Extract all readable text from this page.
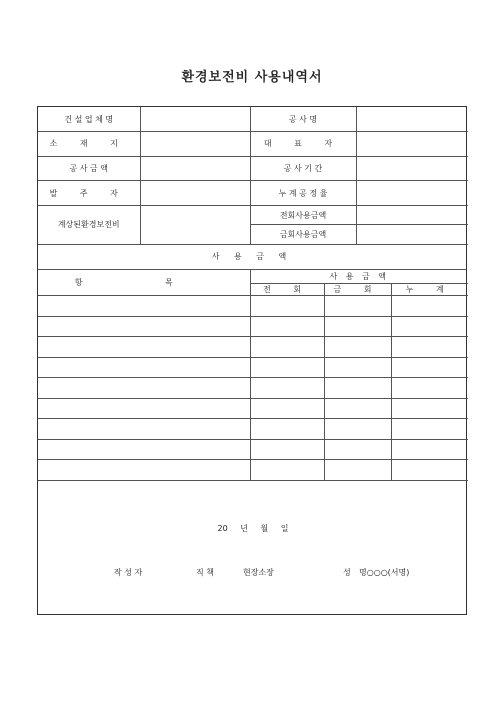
환경보전비 사용내역서
건 설 업 체 명		공 사 명	
소 재 지		대 표 자	
공 사 금 액		공 사 기 간	
발 주 자		누 계 공 정 율	
계상된환경보전비		전회사용금액	
		금회사용금액	
사 용 금 액
항 목	사 용 금 액		
	전 회	금 회	누 계

20 년 월 일
작 성 자	직 책	현장소장	성 명○○○(서명)
